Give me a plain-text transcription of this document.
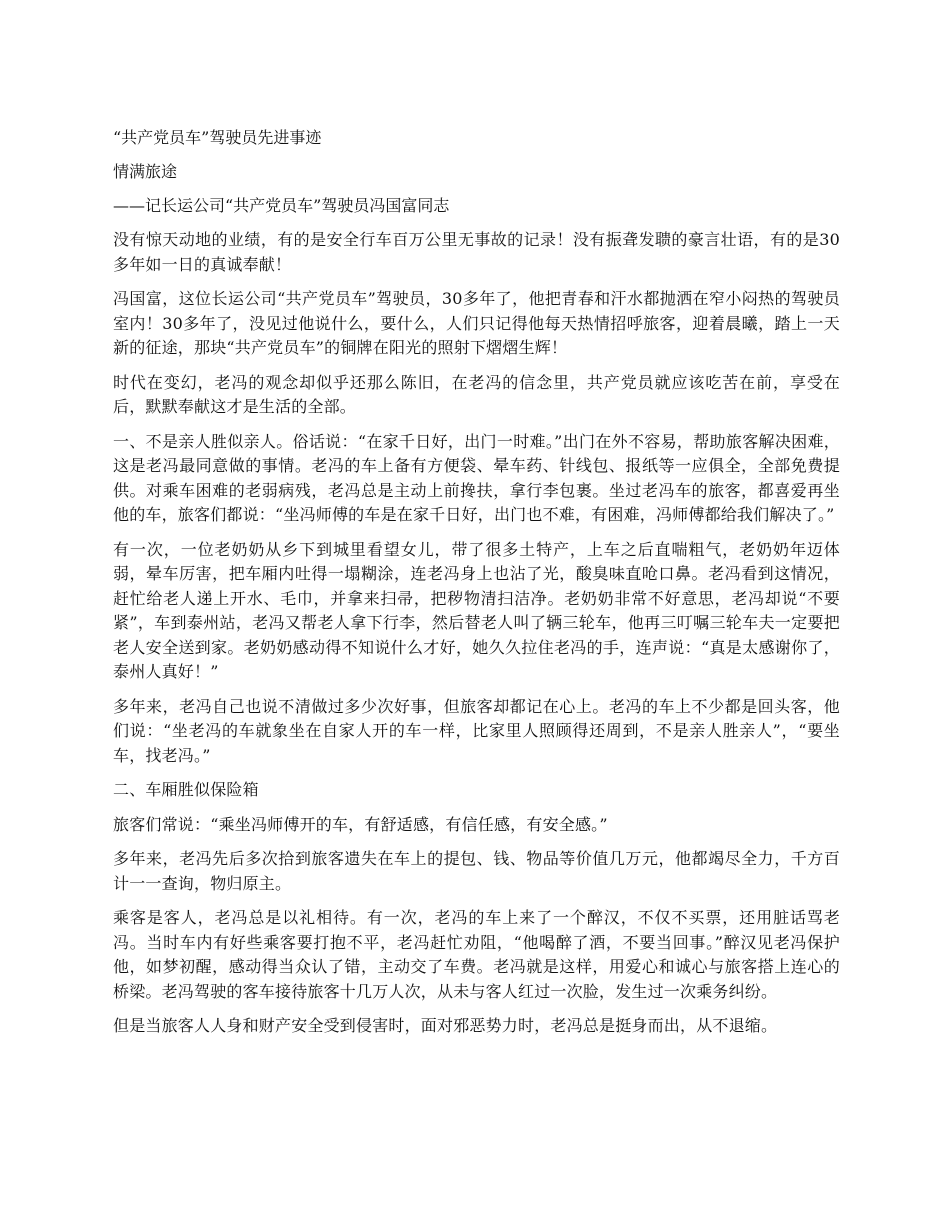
“共产党员车”驾驶员先进事迹
情满旅途
——记长运公司“共产党员车”驾驶员冯国富同志

没有惊天动地的业绩，有的是安全行车百万公里无事故的记录！没有振聋发聩的豪言壮语，有的是30多年如一日的真诚奉献！

冯国富，这位长运公司“共产党员车”驾驶员，30多年了，他把青春和汗水都抛洒在窄小闷热的驾驶员室内！30多年了，没见过他说什么，要什么，人们只记得他每天热情招呼旅客，迎着晨曦，踏上一天新的征途，那块“共产党员车”的铜牌在阳光的照射下熠熠生辉！

时代在变幻，老冯的观念却似乎还那么陈旧，在老冯的信念里，共产党员就应该吃苦在前，享受在后，默默奉献这才是生活的全部。

一、不是亲人胜似亲人。俗话说：“在家千日好，出门一时难。”出门在外不容易，帮助旅客解决困难，这是老冯最同意做的事情。老冯的车上备有方便袋、晕车药、针线包、报纸等一应俱全，全部免费提供。对乘车困难的老弱病残，老冯总是主动上前搀扶，拿行李包裹。坐过老冯车的旅客，都喜爱再坐他的车，旅客们都说：“坐冯师傅的车是在家千日好，出门也不难，有困难，冯师傅都给我们解决了。”

有一次，一位老奶奶从乡下到城里看望女儿，带了很多土特产，上车之后直喘粗气，老奶奶年迈体弱，晕车厉害，把车厢内吐得一塌糊涂，连老冯身上也沾了光，酸臭味直呛口鼻。老冯看到这情况，赶忙给老人递上开水、毛巾，并拿来扫帚，把秽物清扫洁净。老奶奶非常不好意思，老冯却说“不要紧”，车到泰州站，老冯又帮老人拿下行李，然后替老人叫了辆三轮车，他再三叮嘱三轮车夫一定要把老人安全送到家。老奶奶感动得不知说什么才好，她久久拉住老冯的手，连声说：“真是太感谢你了，泰州人真好！”

多年来，老冯自己也说不清做过多少次好事，但旅客却都记在心上。老冯的车上不少都是回头客，他们说：“坐老冯的车就象坐在自家人开的车一样，比家里人照顾得还周到，不是亲人胜亲人”，“要坐车，找老冯。”

二、车厢胜似保险箱

旅客们常说：“乘坐冯师傅开的车，有舒适感，有信任感，有安全感。”

多年来，老冯先后多次拾到旅客遗失在车上的提包、钱、物品等价值几万元，他都竭尽全力，千方百计一一查询，物归原主。

乘客是客人，老冯总是以礼相待。有一次，老冯的车上来了一个醉汉，不仅不买票，还用脏话骂老冯。当时车内有好些乘客要打抱不平，老冯赶忙劝阻，“他喝醉了酒，不要当回事。”醉汉见老冯保护他，如梦初醒，感动得当众认了错，主动交了车费。老冯就是这样，用爱心和诚心与旅客搭上连心的桥梁。老冯驾驶的客车接待旅客十几万人次，从未与客人红过一次脸，发生过一次乘务纠纷。

但是当旅客人人身和财产安全受到侵害时，面对邪恶势力时，老冯总是挺身而出，从不退缩。
